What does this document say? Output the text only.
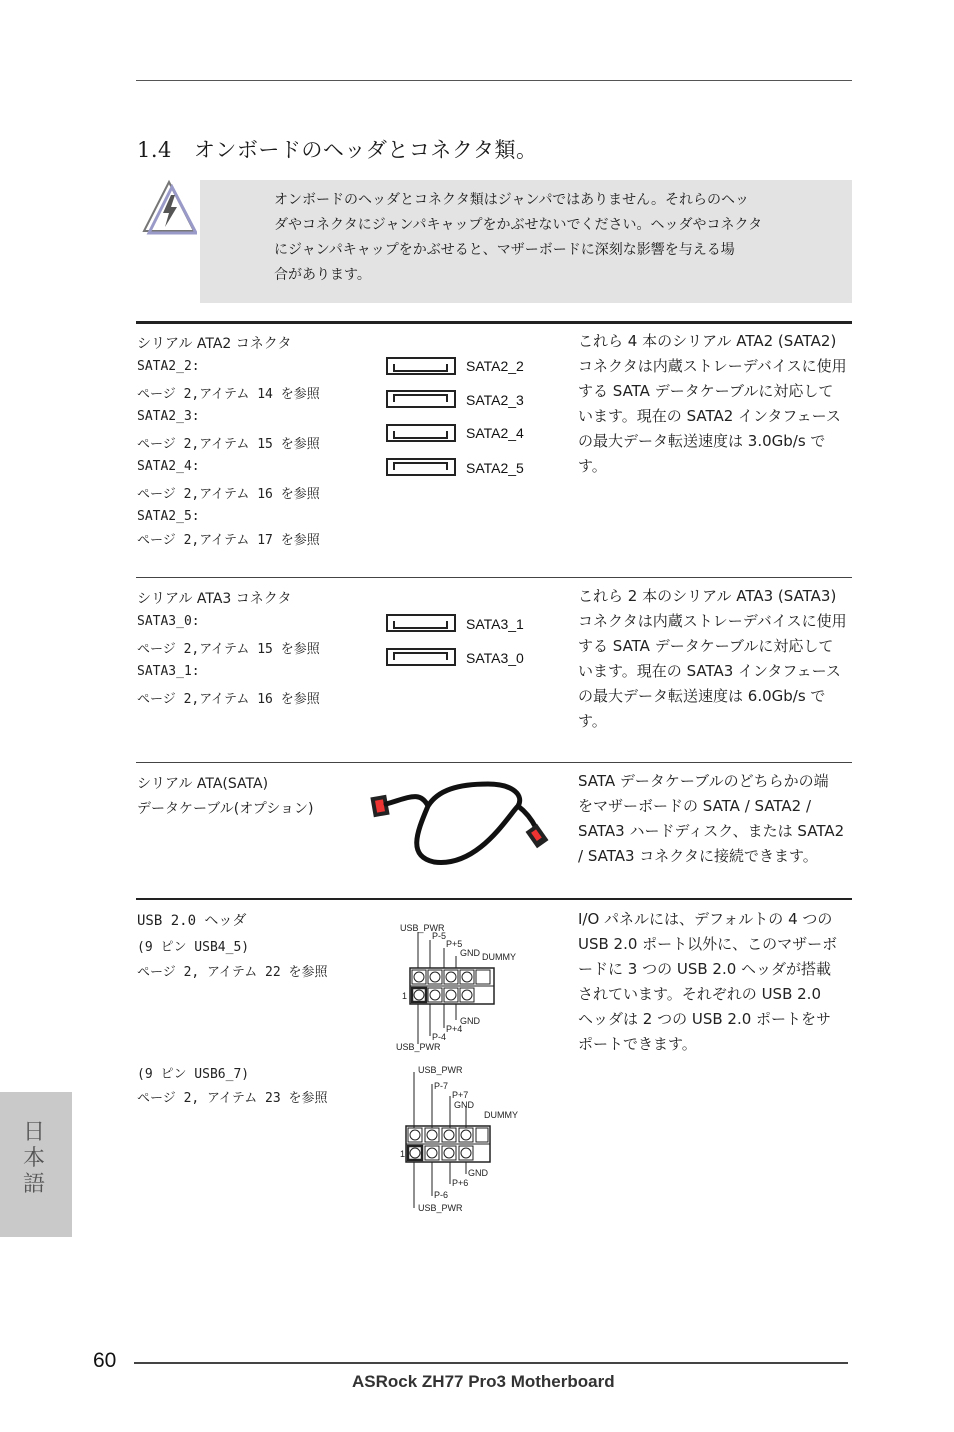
1.4 オンボードのヘッダとコネクタ類。
オンボードのヘッダとコネクタ類はジャンパではありません。それらのヘッ
ダやコネクタにジャンパキャップをかぶせないでください。ヘッダやコネクタ
にジャンパキャップをかぶせると、マザーボードに深刻な影響を与える場
合があります。
シリアル ATA2 コネクタ
SATA2_2:
ページ 2,アイテム 14 を参照
SATA2_3:
ページ 2,アイテム 15 を参照
SATA2_4:
ページ 2,アイテム 16 を参照
SATA2_5:
ページ 2,アイテム 17 を参照
SATA2_2
SATA2_3
SATA2_4
SATA2_5
これら 4 本のシリアル ATA2 (SATA2)
コネクタは内蔵ストレーデバイスに使用
する SATA データケーブルに対応して
います。現在の SATA2 インタフェース
の最大データ転送速度は 3.0Gb/s で
す。
シリアル ATA3 コネクタ
SATA3_0:
ページ 2,アイテム 15 を参照
SATA3_1:
ページ 2,アイテム 16 を参照
SATA3_1
SATA3_0
これら 2 本のシリアル ATA3 (SATA3)
コネクタは内蔵ストレーデバイスに使用
する SATA データケーブルに対応して
います。現在の SATA3 インタフェース
の最大データ転送速度は 6.0Gb/s で
す。
シリアル ATA(SATA)
データケーブル(オプション)
SATA データケーブルのどちらかの端
をマザーボードの SATA / SATA2 /
SATA3 ハードディスク、または SATA2
/ SATA3 コネクタに接続できます。
USB 2.0 ヘッダ
(9 ピン USB4_5)
ページ 2, アイテム 22 を参照
(9 ピン USB6_7)
ページ 2, アイテム 23 を参照
USB_PWR
P-5
P+5
GND DUMMY
1
GND
P+4
P-4
USB_PWR
USB_PWR
P-7
P+7
GND
DUMMY
1
GND
P+6
P-6
USB_PWR
I/O パネルには、デフォルトの 4 つの
USB 2.0 ポート以外に、このマザーボ
ードに 3 つの USB 2.0 ヘッダが搭載
されています。それぞれの USB 2.0
ヘッダは 2 つの USB 2.0 ポートをサ
ポートできます。
日
本
語
60
ASRock ZH77 Pro3 Motherboard
